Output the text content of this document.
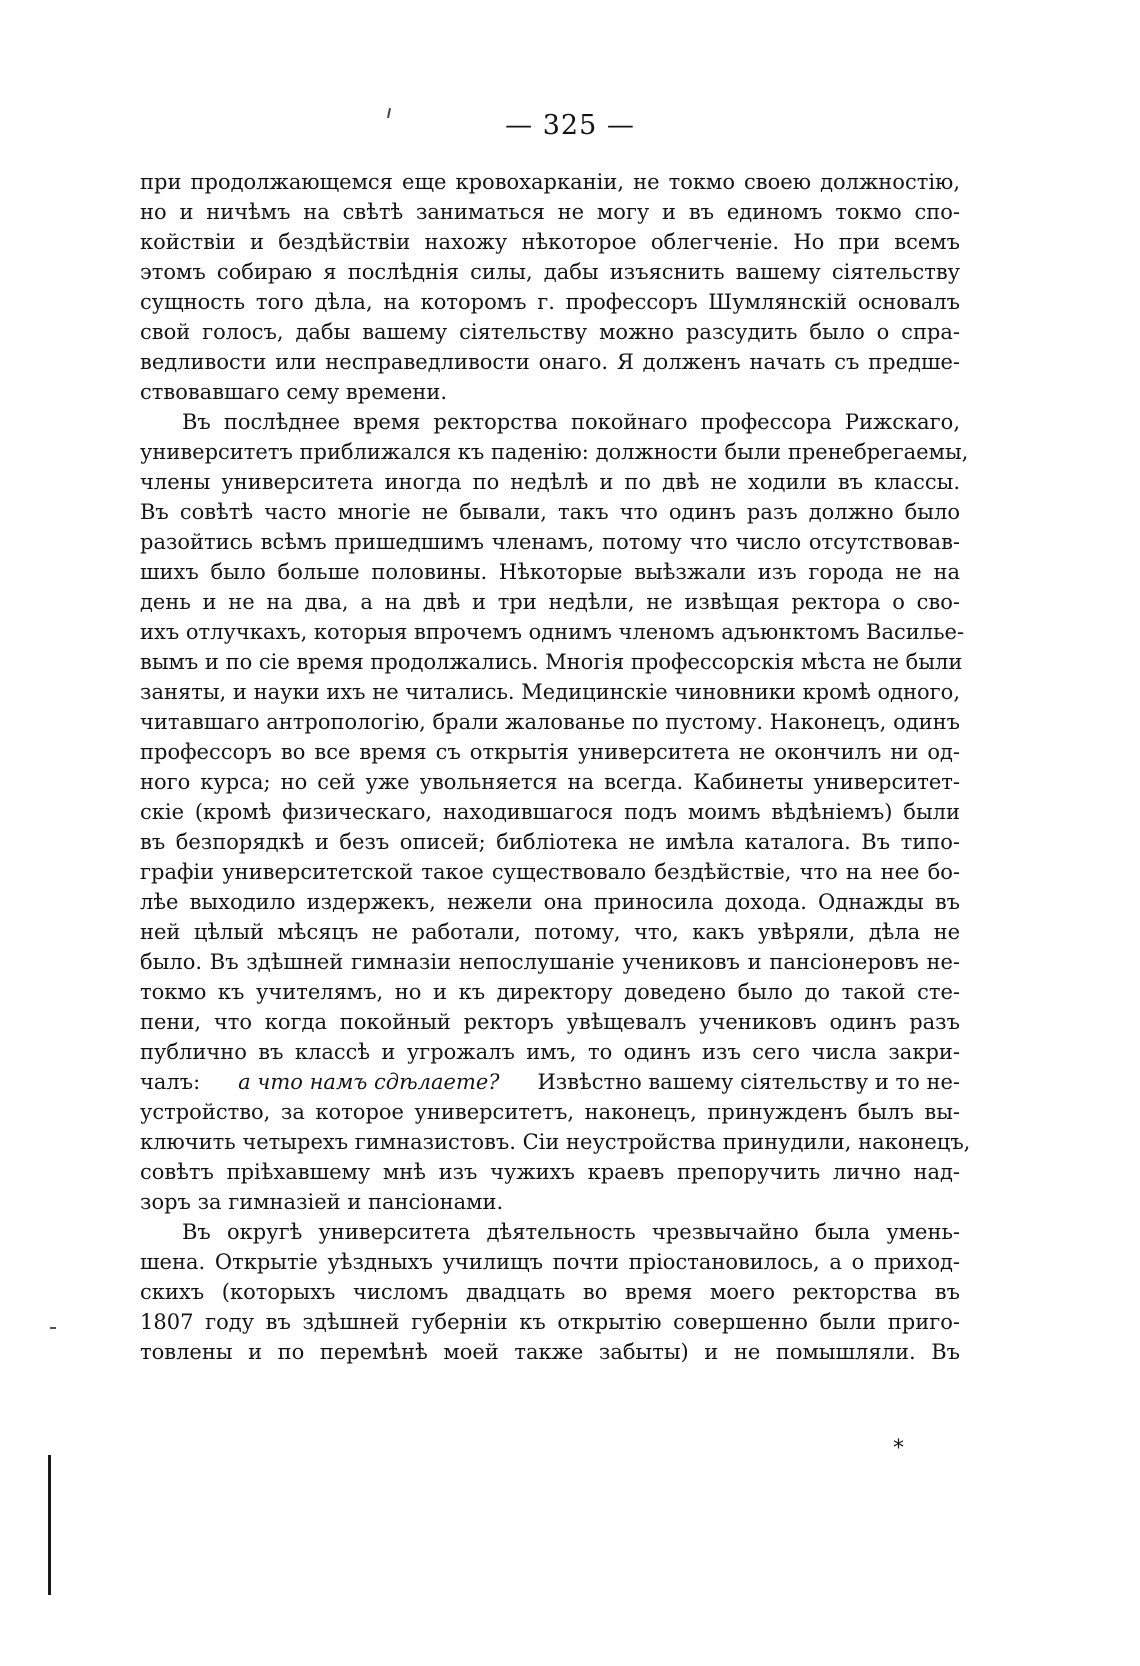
— 325 —
при продолжающемся еще кровохарканіи, не токмо своею должностію,
но и ничѣмъ на свѣтѣ заниматься не могу и въ единомъ токмо спо-
койствіи и бездѣйствіи нахожу нѣкоторое облегченіе. Но при всемъ
этомъ собираю я послѣднія силы, дабы изъяснить вашему сіятельству
сущность того дѣла, на которомъ г. профессоръ Шумлянскій основалъ
свой голосъ, дабы вашему сіятельству можно разсудить было о спра-
ведливости или несправедливости онаго. Я долженъ начать съ предше-
ствовавшаго сему времени.
Въ послѣднее время ректорства покойнаго профессора Рижскаго,
университетъ приближался къ паденію: должности были пренебрегаемы,
члены университета иногда по недѣлѣ и по двѣ не ходили въ классы.
Въ совѣтѣ часто многіе не бывали, такъ что одинъ разъ должно было
разойтись всѣмъ пришедшимъ членамъ, потому что число отсутствовав-
шихъ было больше половины. Нѣкоторые выѣзжали изъ города не на
день и не на два, а на двѣ и три недѣли, не извѣщая ректора о сво-
ихъ отлучкахъ, которыя впрочемъ однимъ членомъ адъюнктомъ Василье-
вымъ и по сіе время продолжались. Многія профессорскія мѣста не были
заняты, и науки ихъ не читались. Медицинскіе чиновники кромѣ одного,
читавшаго антропологію, брали жалованье по пустому. Наконецъ, одинъ
профессоръ во все время съ открытія университета не окончилъ ни од-
ного курса; но сей уже увольняется на всегда. Кабинеты университет-
скіе (кромѣ физическаго, находившагося подъ моимъ вѣдѣніемъ) были
въ безпорядкѣ и безъ описей; библіотека не имѣла каталога. Въ типо-
графіи университетской такое существовало бездѣйствіе, что на нее бо-
лѣе выходило издержекъ, нежели она приносила дохода. Однажды въ
ней цѣлый мѣсяцъ не работали, потому, что, какъ увѣряли, дѣла не
было. Въ здѣшней гимназіи непослушаніе учениковъ и пансіонеровъ не-
токмо къ учителямъ, но и къ директору доведено было до такой сте-
пени, что когда покойный ректоръ увѣщевалъ учениковъ одинъ разъ
публично въ классѣ и угрожалъ имъ, то одинъ изъ сего числа закри-
чалъ: а что намъ сдѣлаете? Извѣстно вашему сіятельству и то не-
устройство, за которое университетъ, наконецъ, принужденъ былъ вы-
ключить четырехъ гимназистовъ. Сіи неустройства принудили, наконецъ,
совѣтъ пріѣхавшему мнѣ изъ чужихъ краевъ препоручить лично над-
зоръ за гимназіей и пансіонами.
Въ округѣ университета дѣятельность чрезвычайно была умень-
шена. Открытіе уѣздныхъ училищъ почти пріостановилось, а о приход-
скихъ (которыхъ числомъ двадцать во время моего ректорства въ
1807 году въ здѣшней губерніи къ открытію совершенно были приго-
товлены и по перемѣнѣ моей также забыты) и не помышляли. Въ
*
